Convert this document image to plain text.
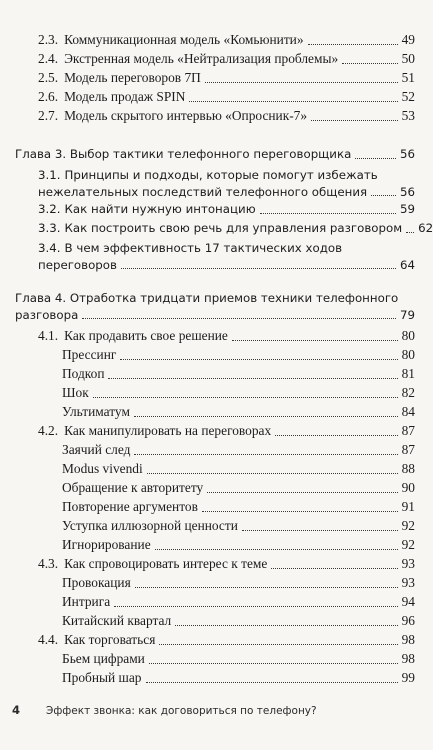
2.3. Коммуникационная модель «Комьюнити»	49
2.4. Экстренная модель «Нейтрализация проблемы»	50
2.5. Модель переговоров 7П	51
2.6. Модель продаж SPIN	52
2.7. Модель скрытого интервью «Опросник-7»	53
Глава 3. Выбор тактики телефонного переговорщика	56
3.1. Принципы и подходы, которые помогут избежать
нежелательных последствий телефонного общения	56
3.2. Как найти нужную интонацию	59
3.3. Как построить свою речь для управления разговором 62
3.4. В чем эффективность 17 тактических ходов
переговоров	64
Глава 4. Отработка тридцати приемов техники телефонного
разговора	79
4.1. Как продавить свое решение	80
Прессинг	80
Подкоп	81
Шок	82
Ультиматум	84
4.2. Как манипулировать на переговорах	87
Заячий след	87
Modus vivendi	88
Обращение к авторитету	90
Повторение аргументов	91
Уступка иллюзорной ценности	92
Игнорирование	92
4.3. Как спровоцировать интерес к теме	93
Провокация	93
Интрига	94
Китайский квартал	96
4.4. Как торговаться	98
Бьем цифрами	98
Пробный шар	99
4	Эффект звонка: как договориться по телефону?
